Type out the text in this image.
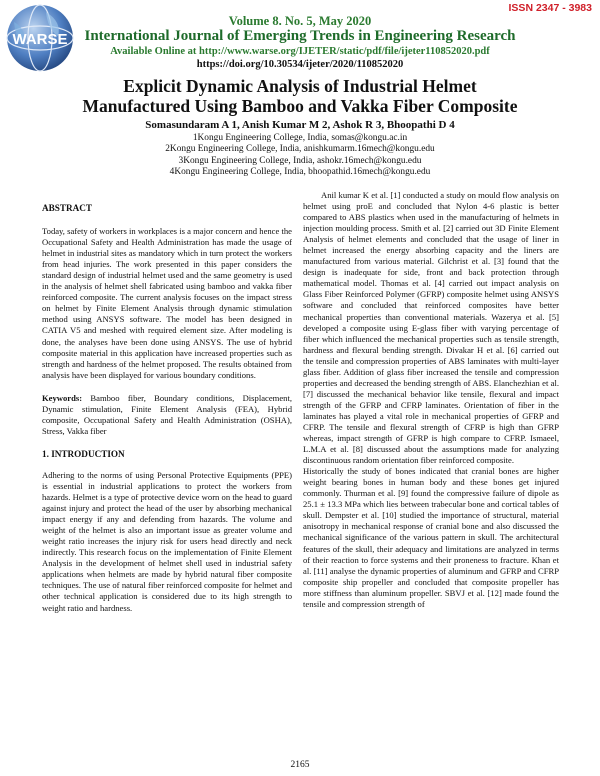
ISSN 2347 - 3983
WARSE
Volume 8. No. 5, May 2020
International Journal of Emerging Trends in Engineering Research
Available Online at http://www.warse.org/IJETER/static/pdf/file/ijeter110852020.pdf
https://doi.org/10.30534/ijeter/2020/110852020
Explicit Dynamic Analysis of Industrial Helmet
Manufactured Using Bamboo and Vakka Fiber Composite
Somasundaram A 1, Anish Kumar M 2, Ashok R 3, Bhoopathi D 4
1Kongu Engineering College, India, somas@kongu.ac.in
2Kongu Engineering College, India, anishkumarm.16mech@kongu.edu
3Kongu Engineering College, India, ashokr.16mech@kongu.edu
4Kongu Engineering College, India, bhoopathid.16mech@kongu.edu

ABSTRACT

Today, safety of workers in workplaces is a major concern and hence the Occupational Safety and Health Administration has made the usage of helmet in industrial sites as mandatory which in turn protect the workers from head injuries. The work presented in this paper considers the standard design of industrial helmet used and the same geometry is used in the analysis of helmet shell fabricated using bamboo and vakka fiber reinforced composite. The current analysis focuses on the impact stress on helmet by Finite Element Analysis through dynamic stimulation method using ANSYS software. The model has been designed in CATIA V5 and meshed with required element size. After modeling is done, the analyses have been done using ANSYS. The use of hybrid composite material in this application have increased properties such as strength and hardness of the helmet proposed. The results obtained from analysis have been displayed for various boundary conditions.

Keywords: Bamboo fiber, Boundary conditions, Displacement, Dynamic stimulation, Finite Element Analysis (FEA), Hybrid composite, Occupational Safety and Health Administration (OSHA), Stress, Vakka fiber

1. INTRODUCTION

Adhering to the norms of using Personal Protective Equipments (PPE) is essential in industrial applications to protect the workers from hazards. Helmet is a type of protective device worn on the head to guard against injury and protect the head of the user by absorbing mechanical impact energy if any and defending from hazards. The volume and weight of the helmet is also an important issue as greater volume and weight ratio increases the injury risk for users head directly and neck indirectly. This research focus on the implementation of Finite Element Analysis in the development of helmet shell used in industrial safety applications when helmets are made by hybrid natural fiber composite techniques. The use of natural fiber reinforced composite for helmet and other technical application is considered due to its high strength to weight ratio and hardness.

Anil kumar K et al. [1] conducted a study on mould flow analysis on helmet using proE and concluded that Nylon 4-6 plastic is better compared to ABS plastics when used in the manufacturing of helmets in injection moulding process. Smith et al. [2] carried out 3D Finite Element Analysis of helmet elements and concluded that the usage of liner in helmet increased the energy absorbing capacity and the liners are manufactured from various material. Gilchrist et al. [3] found that the design is inadequate for side, front and back protection through mathematical model. Thomas et al. [4] carried out impact analysis on Glass Fiber Reinforced Polymer (GFRP) composite helmet using ANSYS software and concluded that reinforced composites have better mechanical properties than conventional materials. Wazerya et al. [5] developed a composite using E-glass fiber with varying percentage of fiber which influenced the mechanical properties such as tensile strength, hardness and flexural bending strength. Divakar H et al. [6] carried out the tensile and compression properties of ABS laminates with multi-layer glass fiber. Addition of glass fiber increased the tensile and compression properties and decreased the bending strength of ABS. Elanchezhian et al. [7] discussed the mechanical behavior like tensile, flexural and impact strength of the GFRP and CFRP laminates. Orientation of fiber in the laminates has played a vital role in mechanical properties of GFRP and CFRP. The tensile and flexural strength of CFRP is high than GFRP whereas, impact strength of GFRP is high compare to CFRP. Ismaeel, L.M.A et al. [8] discussed about the assumptions made for analyzing discontinuous random orientation fiber reinforced composite.

Historically the study of bones indicated that cranial bones are higher weight bearing bones in human body and these bones get injured commonly. Thurman et al. [9] found the compressive failure of dipole as 25.1 ± 13.3 MPa which lies between trabecular bone and cortical tables of skull. Dempster et al. [10] studied the importance of structural, material anisotropy in mechanical response of cranial bone and also discussed the mechanical significance of the various pattern in skull. The architectural features of the skull, their adequacy and limitations are analyzed in terms of their reaction to force systems and their proneness to fracture. Khan et al. [11] analyse the dynamic properties of aluminum and GFRP and CFRP composite ship propeller and concluded that composite propeller has more stiffness than aluminum propeller. SBVJ et al. [12] made found the tensile and compression strength of

2165
